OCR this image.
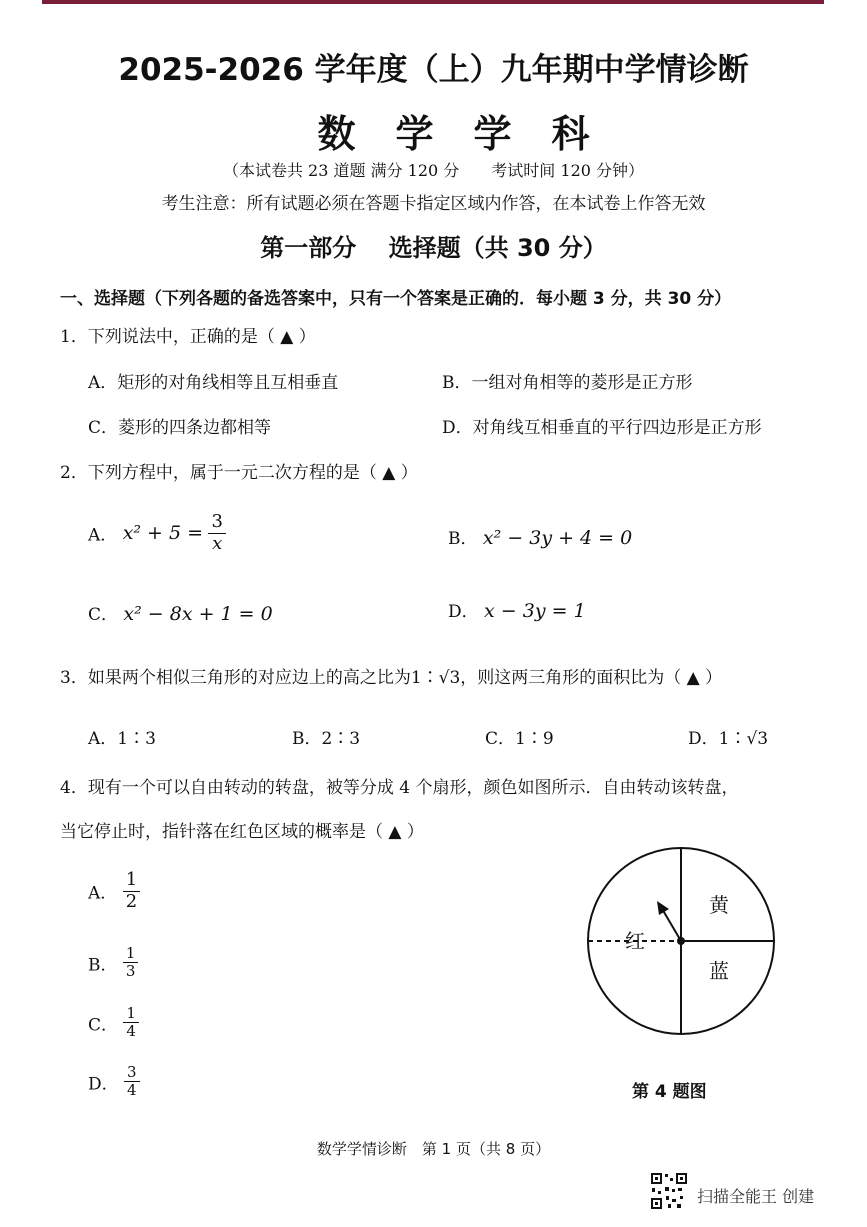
2025-2026 学年度（上）九年期中学情诊断
数学学科
（本试卷共 23 道题 满分 120 分　　考试时间 120 分钟）
考生注意：所有试题必须在答题卡指定区域内作答，在本试卷上作答无效
第一部分　 选择题（共 30 分）
一、选择题（下列各题的备选答案中，只有一个答案是正确的．每小题 3 分，共 30 分）
1．下列说法中，正确的是（ ▲ ）
A．矩形的对角线相等且互相垂直	B．一组对角相等的菱形是正方形
C．菱形的四条边都相等	D．对角线互相垂直的平行四边形是正方形
2．下列方程中，属于一元二次方程的是（ ▲ ）
A． $x^2 + 5 = \frac{3}{x}$	B． x² − 3y + 4 = 0
C． x² − 8x + 1 = 0	D． x − 3y = 1
3．如果两个相似三角形的对应边上的高之比为1∶√3，则这两三角形的面积比为（ ▲ ）
A．1∶3	B．2∶3	C．1∶9	D．1∶√3
4．现有一个可以自由转动的转盘，被等分成 4 个扇形，颜色如图所示．自由转动该转盘，
当它停止时，指针落在红色区域的概率是（ ▲ ）
A． $\frac{1}{2}$
B． $\frac{1}{3}$
C． $\frac{1}{4}$
D． $\frac{3}{4}$
黄
红
蓝
第 4 题图
数学学情诊断　第 1 页（共 8 页）
扫描全能王 创建
